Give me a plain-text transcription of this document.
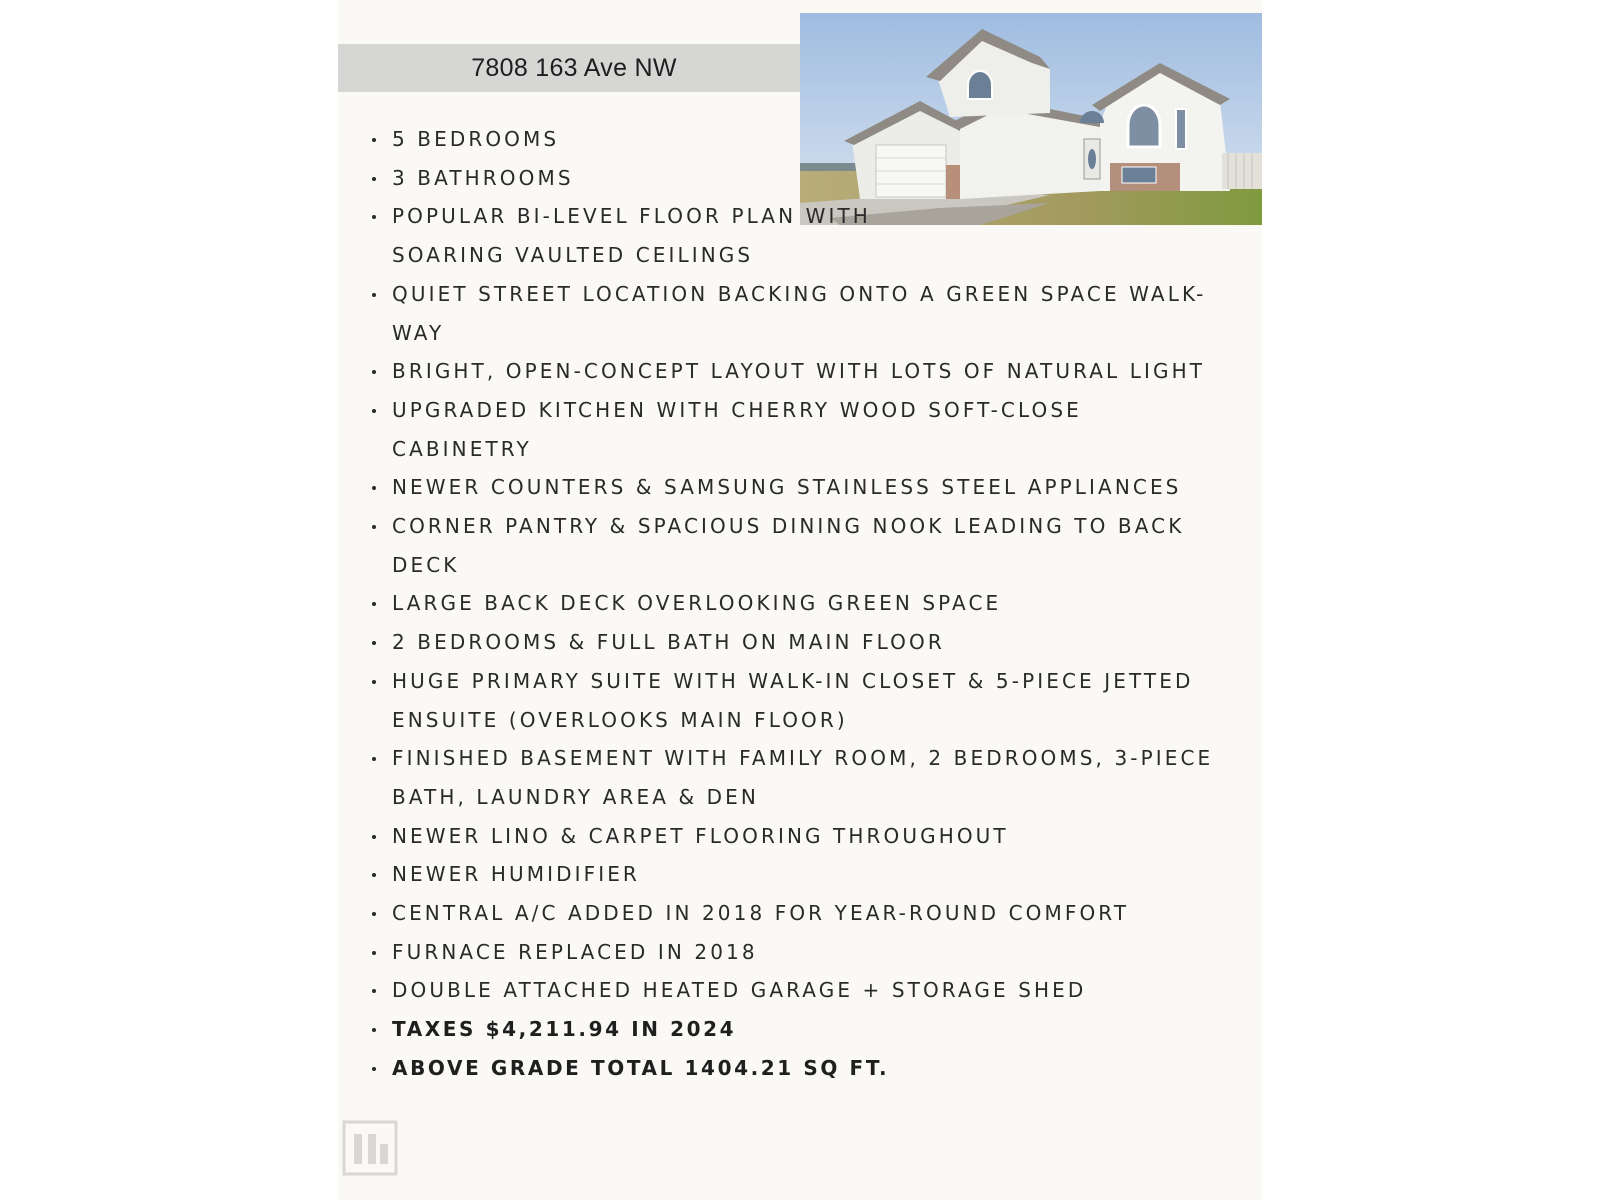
7808 163 Ave NW
5 BEDROOMS
3 BATHROOMS
POPULAR BI-LEVEL FLOOR PLAN WITH SOARING VAULTED CEILINGS
QUIET STREET LOCATION BACKING ONTO A GREEN SPACE WALK-WAY
BRIGHT, OPEN-CONCEPT LAYOUT WITH LOTS OF NATURAL LIGHT
UPGRADED KITCHEN WITH CHERRY WOOD SOFT-CLOSE CABINETRY
NEWER COUNTERS & SAMSUNG STAINLESS STEEL APPLIANCES
CORNER PANTRY & SPACIOUS DINING NOOK LEADING TO BACK DECK
LARGE BACK DECK OVERLOOKING GREEN SPACE
2 BEDROOMS & FULL BATH ON MAIN FLOOR
HUGE PRIMARY SUITE WITH WALK-IN CLOSET & 5-PIECE JETTED ENSUITE (OVERLOOKS MAIN FLOOR)
FINISHED BASEMENT WITH FAMILY ROOM, 2 BEDROOMS, 3-PIECE BATH, LAUNDRY AREA & DEN
NEWER LINO & CARPET FLOORING THROUGHOUT
NEWER HUMIDIFIER
CENTRAL A/C ADDED IN 2018 FOR YEAR-ROUND COMFORT
FURNACE REPLACED IN 2018
DOUBLE ATTACHED HEATED GARAGE + STORAGE SHED
TAXES $4,211.94 IN 2024
ABOVE GRADE TOTAL 1404.21 SQ FT.
